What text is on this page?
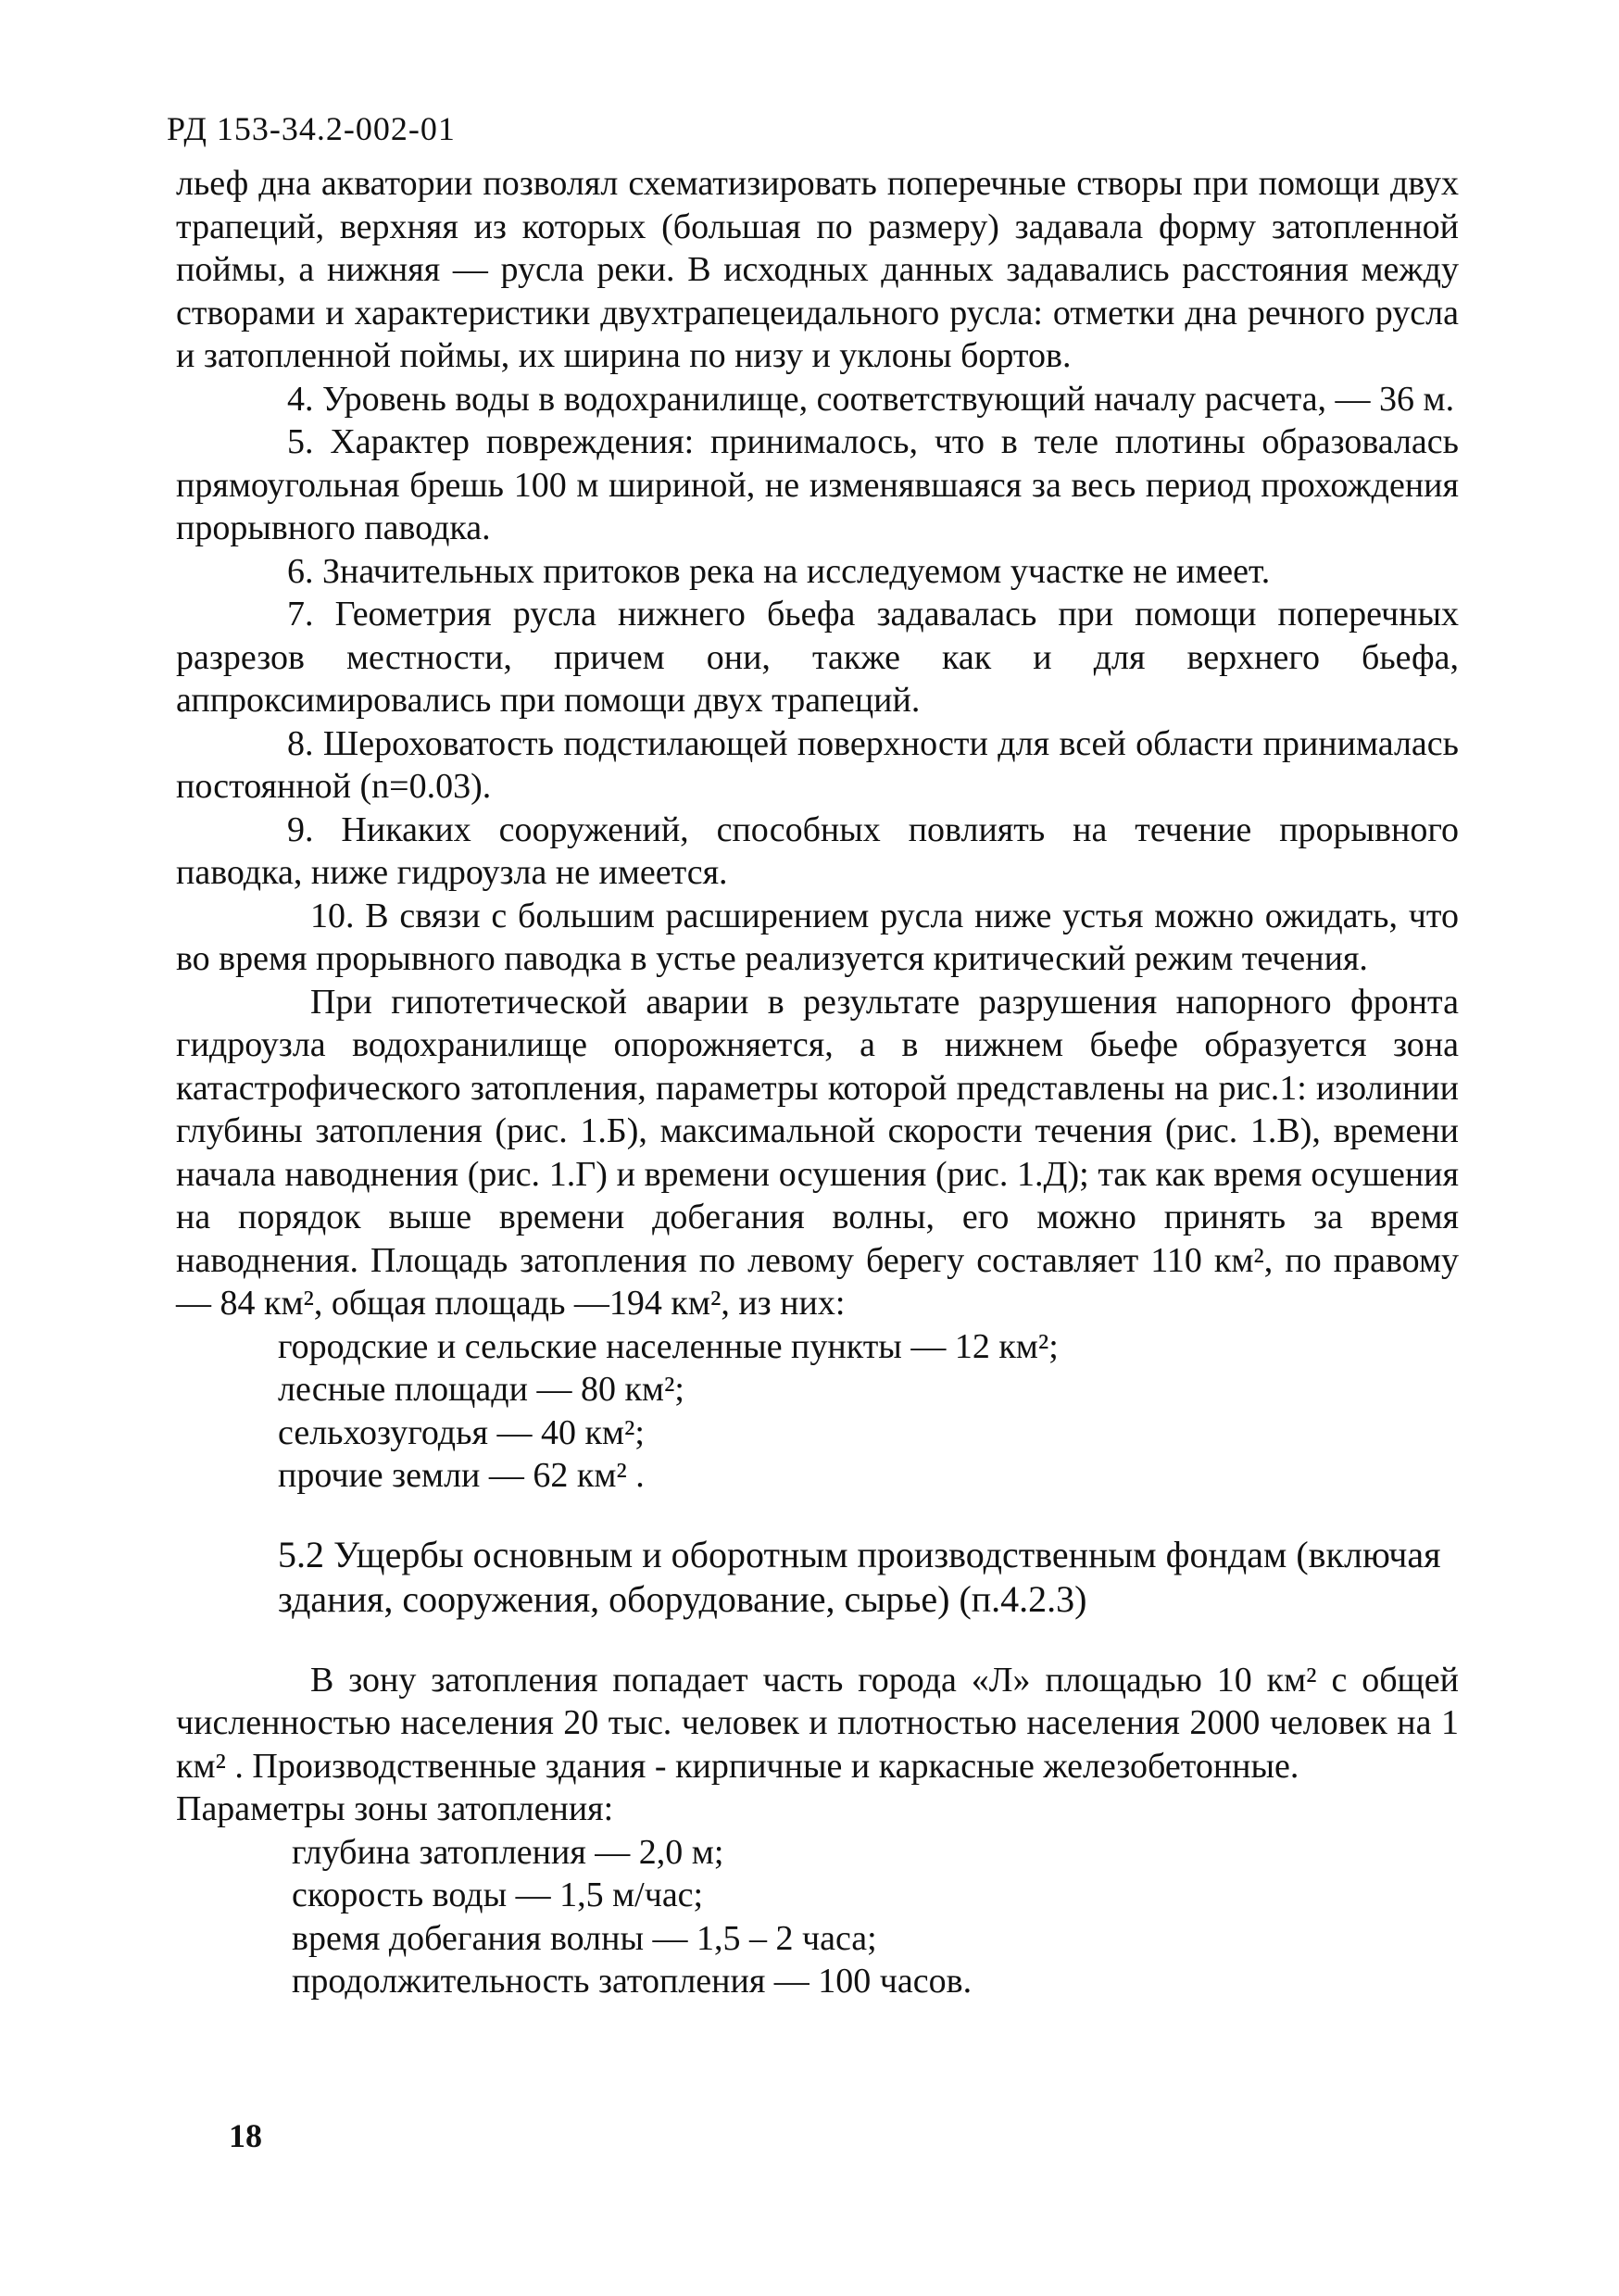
РД 153-34.2-002-01

льеф дна акватории позволял схематизировать поперечные створы при помощи двух трапеций, верхняя из которых (большая по размеру) задавала форму затопленной поймы, а нижняя — русла реки. В исходных данных задавались расстояния между створами и характеристики двухтрапецеидального русла: отметки дна речного русла и затопленной поймы, их ширина по низу и уклоны бортов.

4. Уровень воды в водохранилище, соответствующий началу расчета, — 36 м.

5. Характер повреждения: принималось, что в теле плотины образовалась прямоугольная брешь 100 м шириной, не изменявшаяся за весь период прохождения прорывного паводка.

6. Значительных притоков река на исследуемом участке не имеет.

7. Геометрия русла нижнего бьефа задавалась при помощи поперечных разрезов местности, причем они, также как и для верхнего бьефа, аппроксимировались при помощи двух трапеций.

8. Шероховатость подстилающей поверхности для всей области принималась постоянной (n=0.03).

9. Никаких сооружений, способных повлиять на течение прорывного паводка, ниже гидроузла не имеется.

10. В связи с большим расширением русла ниже устья можно ожидать, что во время прорывного паводка в устье реализуется критический режим течения.

При гипотетической аварии в результате разрушения напорного фронта гидроузла водохранилище опорожняется, а в нижнем бьефе образуется зона катастрофического затопления, параметры которой представлены на рис.1: изолинии глубины затопления (рис. 1.Б), максимальной скорости течения (рис. 1.В), времени начала наводнения (рис. 1.Г) и времени осушения (рис. 1.Д); так как время осушения на порядок выше времени добегания волны, его можно принять за время наводнения. Площадь затопления по левому берегу составляет 110 км², по правому — 84 км², общая площадь —194 км², из них:

городские и сельские населенные пункты — 12 км²;
лесные площади — 80 км²;
сельхозугодья — 40 км²;
прочие земли — 62 км² .
5.2 Ущербы основным и оборотным производственным фондам (включая здания, сооружения, оборудование, сырье) (п.4.2.3)

В зону затопления попадает часть города «Л» площадью 10 км² с общей численностью населения 20 тыс. человек и плотностью населения 2000 человек на 1 км² . Производственные здания - кирпичные и каркасные железобетонные.

Параметры зоны затопления:

глубина затопления — 2,0 м;
скорость воды — 1,5 м/час;
время добегания волны — 1,5 – 2 часа;
продолжительность затопления — 100 часов.
18
